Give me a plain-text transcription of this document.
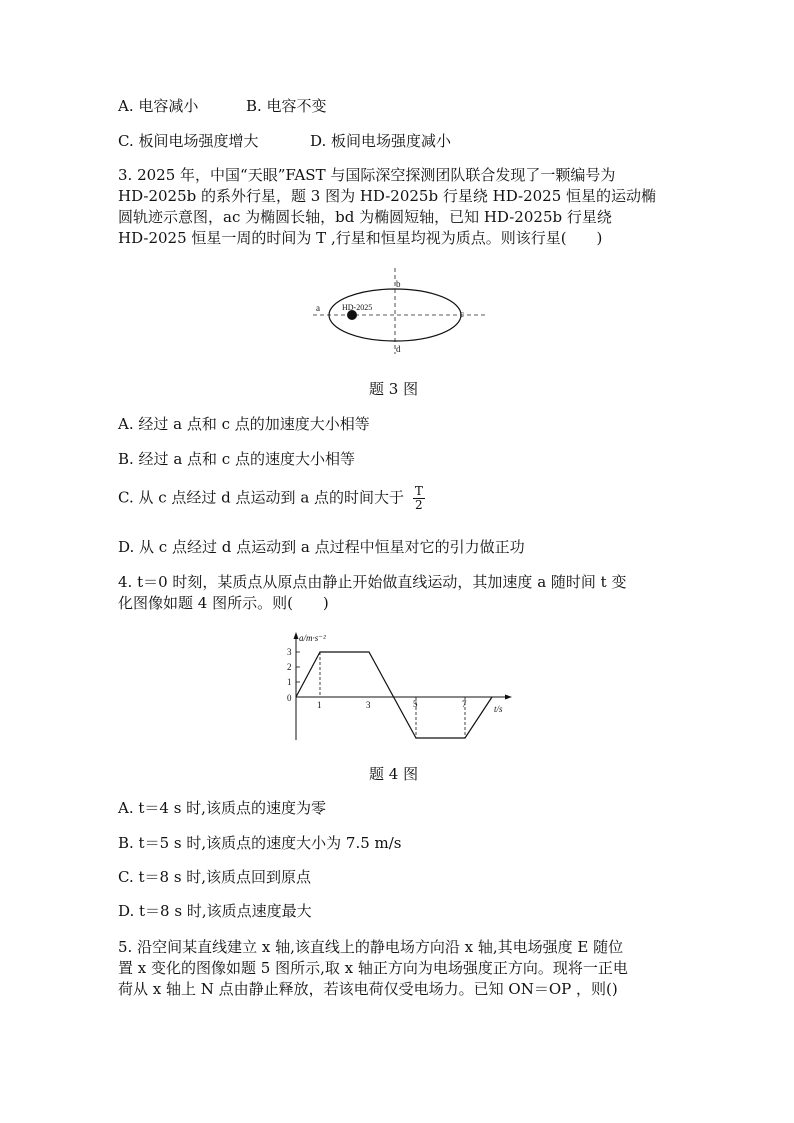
A. 电容减小	B. 电容不变
C. 板间电场强度增大	D. 板间电场强度减小
3. 2025 年，中国“天眼”FAST 与国际深空探测团队联合发现了一颗编号为
HD-2025b 的系外行星，题 3 图为 HD-2025b 行星绕 HD-2025 恒星的运动椭
圆轨迹示意图，ac 为椭圆长轴，bd 为椭圆短轴，已知 HD-2025b 行星绕
HD-2025 恒星一周的时间为 T ,行星和恒星均视为质点。则该行星(　　)
HD-2025
a
b
c
d
题 3 图
A. 经过 a 点和 c 点的加速度大小相等
B. 经过 a 点和 c 点的速度大小相等
C. 从 c 点经过 d 点运动到 a 点的时间大于 $\frac{T}{2}$
D. 从 c 点经过 d 点运动到 a 点过程中恒星对它的引力做正功
4. t＝0 时刻，某质点从原点由静止开始做直线运动，其加速度 a 随时间 t 变
化图像如题 4 图所示。则(　　)
a/m·s⁻²
3
2
1
0
1	3	5	7	t/s
题 4 图
A. t＝4 s 时,该质点的速度为零
B. t＝5 s 时,该质点的速度大小为 7.5 m/s
C. t＝8 s 时,该质点回到原点
D. t＝8 s 时,该质点速度最大
5. 沿空间某直线建立 x 轴,该直线上的静电场方向沿 x 轴,其电场强度 E 随位
置 x 变化的图像如题 5 图所示,取 x 轴正方向为电场强度正方向。现将一正电
荷从 x 轴上 N 点由静止释放，若该电荷仅受电场力。已知 ON＝OP ，则()
